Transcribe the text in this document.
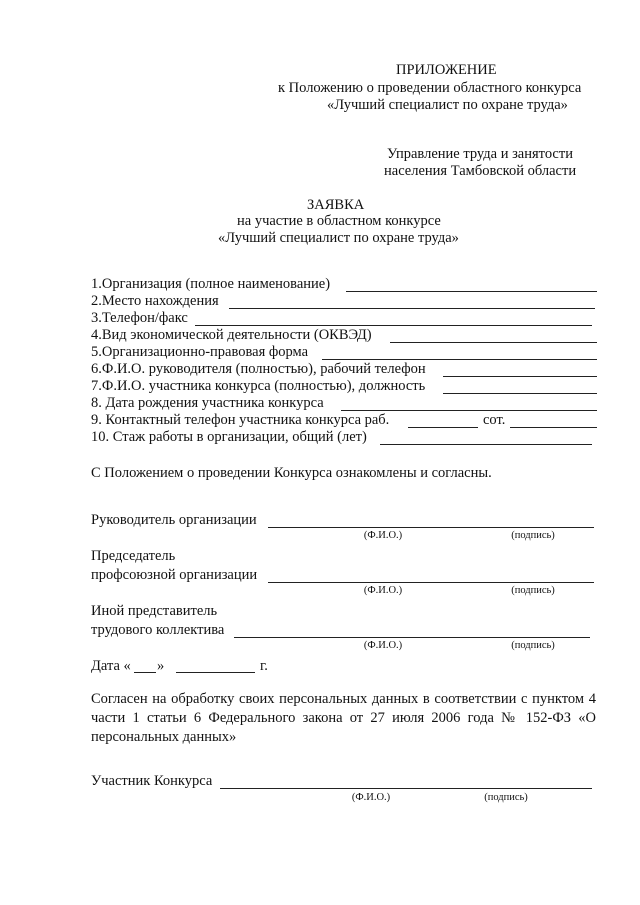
ПРИЛОЖЕНИЕ
к Положению о проведении областного конкурса
«Лучший специалист по охране труда»
Управление труда и занятости
населения Тамбовской области
ЗАЯВКА
на участие в областном конкурсе
«Лучший специалист по охране труда»
1.Организация (полное наименование)
2.Место нахождения
3.Телефон/факс
4.Вид экономической деятельности (ОКВЭД)
5.Организационно-правовая форма
6.Ф.И.О. руководителя (полностью), рабочий телефон
7.Ф.И.О. участника конкурса (полностью), должность
8. Дата рождения участника конкурса
9. Контактный телефон участника конкурса раб.	сот.
10. Стаж работы в организации, общий (лет)
С Положением о проведении Конкурса ознакомлены и согласны.
Руководитель организации
(Ф.И.О.)	(подпись)
Председатель
профсоюзной организации
(Ф.И.О.)	(подпись)
Иной представитель
трудового коллектива
(Ф.И.О.)	(подпись)
Дата « »	г.
Согласен на обработку своих персональных данных в соответствии с пунктом 4 части 1 статьи 6 Федерального закона от 27 июля 2006 года № 152-ФЗ «О персональных данных»
Участник Конкурса
(Ф.И.О.)	(подпись)
